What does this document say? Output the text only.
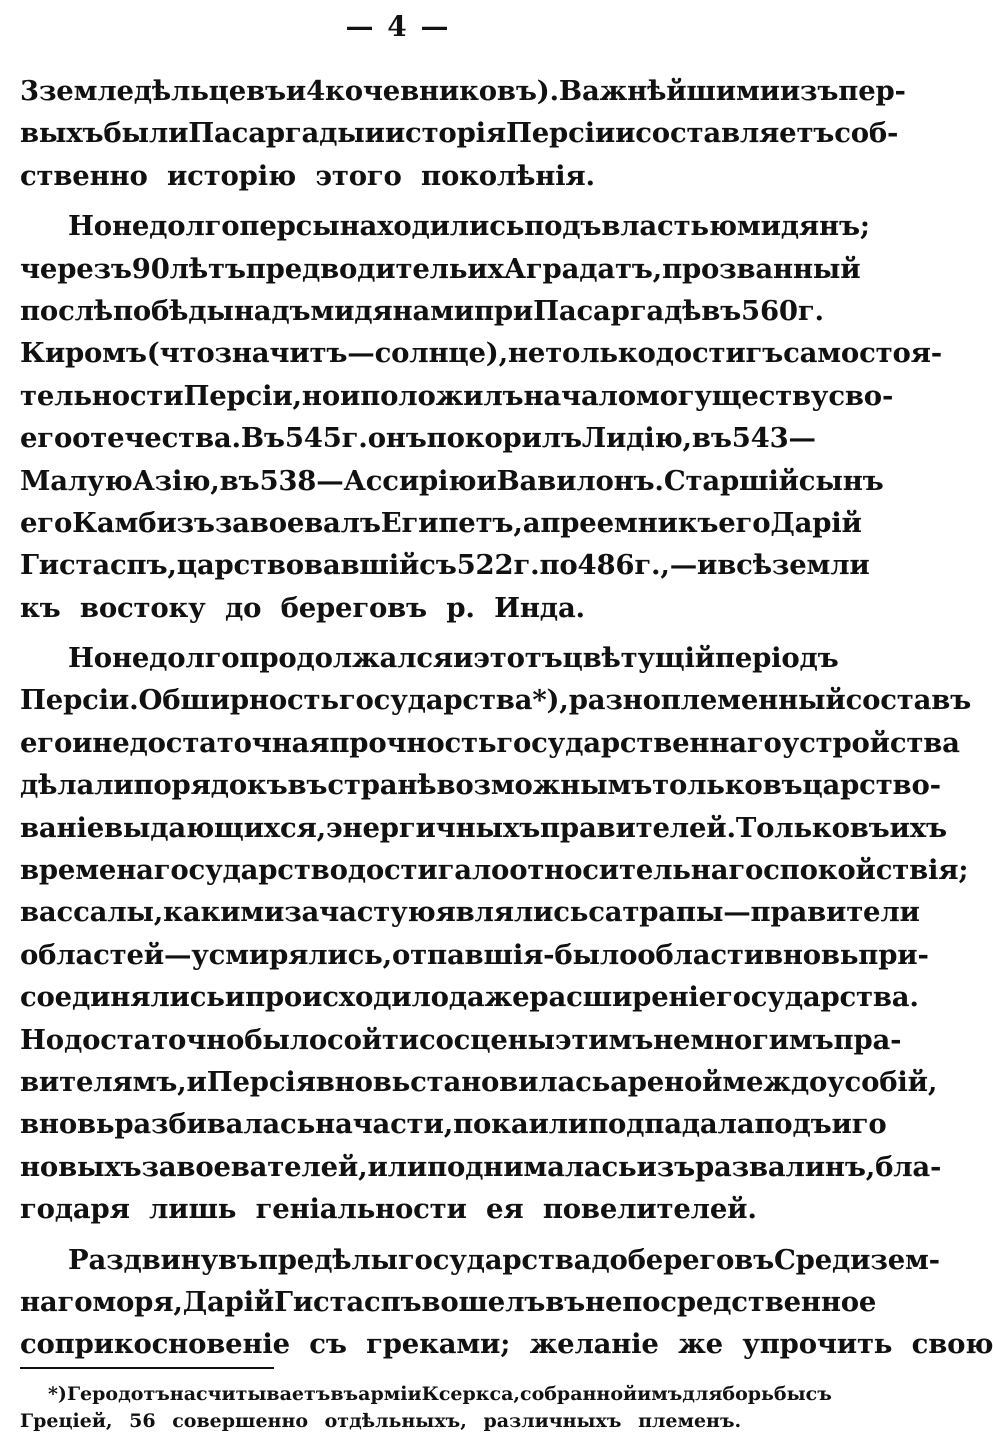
— 4 —
3 земледѣльцевъ и 4 кочевниковъ). Важнѣйшими изъ пер-
выхъ были Пасаргады и исторія Персіи и составляетъ соб-
ственно исторію этого поколѣнія.
Но недолго персы находились подъ властью мидянъ;
черезъ 90 лѣтъ предводитель их Аградатъ, прозванный
послѣ побѣды надъ мидянами при Пасаргадѣ въ 560 г.
Киромъ (что значитъ—солнце), не только достигъ самостоя-
тельности Персіи, но и положилъ начало могуществу сво-
его отечества. Въ 545 г. онъ покорилъ Лидію, въ 543—
Малую Азію, въ 538—Ассирію и Вавилонъ. Старшій сынъ
его Камбизъ завоевалъ Египетъ, а преемникъ его Дарій
Гистаспъ, царствовавшій съ 522 г. по 486 г.,—и всѣ земли
къ востоку до береговъ р. Инда.
Но недолго продолжался и этотъ цвѣтущій періодъ
Персіи. Обширность государства *), разноплеменный составъ
его и недостаточная прочность государственнаго устройства
дѣлали порядокъ въ странѣ возможнымъ только въ царство-
ваніе выдающихся, энергичныхъ правителей. Только въ ихъ
времена государство достигало относительнаго спокойствія;
вассалы, какими зачастую являлись сатрапы — правители
областей—усмирялись, отпавшія-было области вновь при-
соединялись и происходило даже расширеніе государства.
Но достаточно было сойти со сцены этимъ немногимъ пра-
вителямъ, и Персія вновь становилась ареной междоусобій,
вновь разбивалась на части, пока или подпадала подъ иго
новыхъ завоевателей, или поднималась изъ развалинъ, бла-
годаря лишь геніальности ея повелителей.
Раздвинувъ предѣлы государства до береговъ Средизем-
наго моря, Дарій Гистаспъ вошелъ въ непосредственное
соприкосновеніе съ греками; желаніе же упрочить свою
*) Геродотъ насчитываетъ въ арміи Ксеркса, собранной имъ для борьбы съ
Греціей, 56 совершенно отдѣльныхъ, различныхъ племенъ.
